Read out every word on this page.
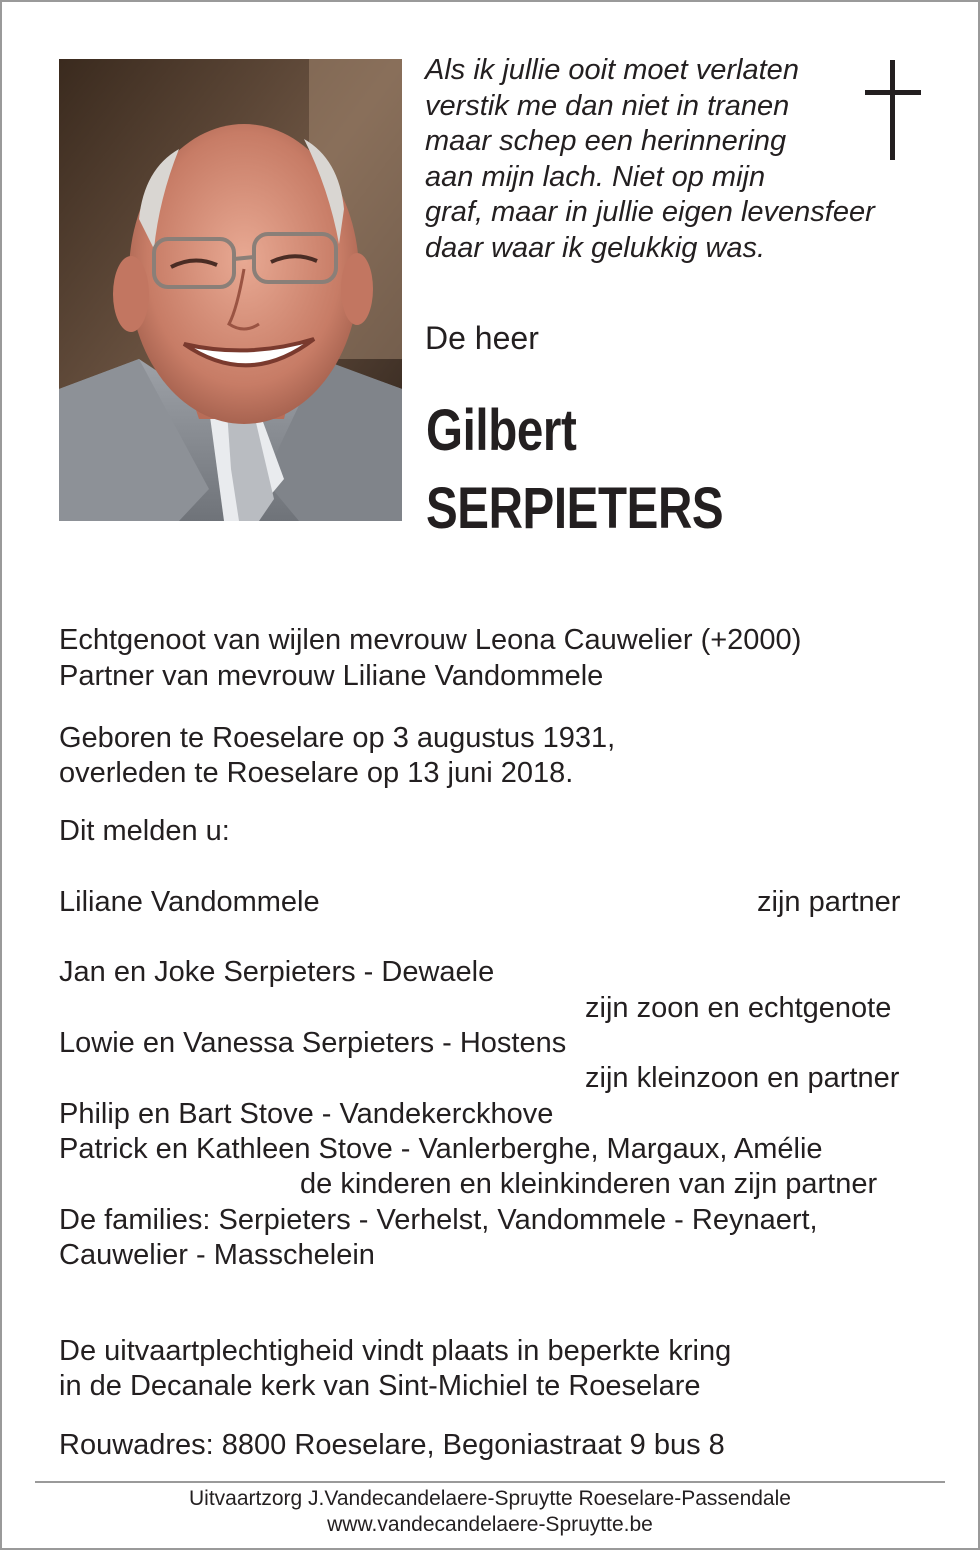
Als ik jullie ooit moet verlaten
verstik me dan niet in tranen
maar schep een herinnering
aan mijn lach. Niet op mijn
graf, maar in jullie eigen levensfeer
daar waar ik gelukkig was.
De heer
Gilbert
SERPIETERS
Echtgenoot van wijlen mevrouw Leona Cauwelier (+2000)
Partner van mevrouw Liliane Vandommele
Geboren te Roeselare op 3 augustus 1931,
overleden te Roeselare op 13 juni 2018.
Dit melden u:
Liliane Vandommele	zijn partner
Jan en Joke Serpieters - Dewaele
zijn zoon en echtgenote
Lowie en Vanessa Serpieters - Hostens
zijn kleinzoon en partner
Philip en Bart Stove - Vandekerckhove
Patrick en Kathleen Stove - Vanlerberghe, Margaux, Amélie
de kinderen en kleinkinderen van zijn partner
De families: Serpieters - Verhelst, Vandommele - Reynaert,
Cauwelier - Masschelein
De uitvaartplechtigheid vindt plaats in beperkte kring
in de Decanale kerk van Sint-Michiel te Roeselare
Rouwadres: 8800 Roeselare, Begoniastraat 9 bus 8
Uitvaartzorg J.Vandecandelaere-Spruytte Roeselare-Passendale
www.vandecandelaere-Spruytte.be
